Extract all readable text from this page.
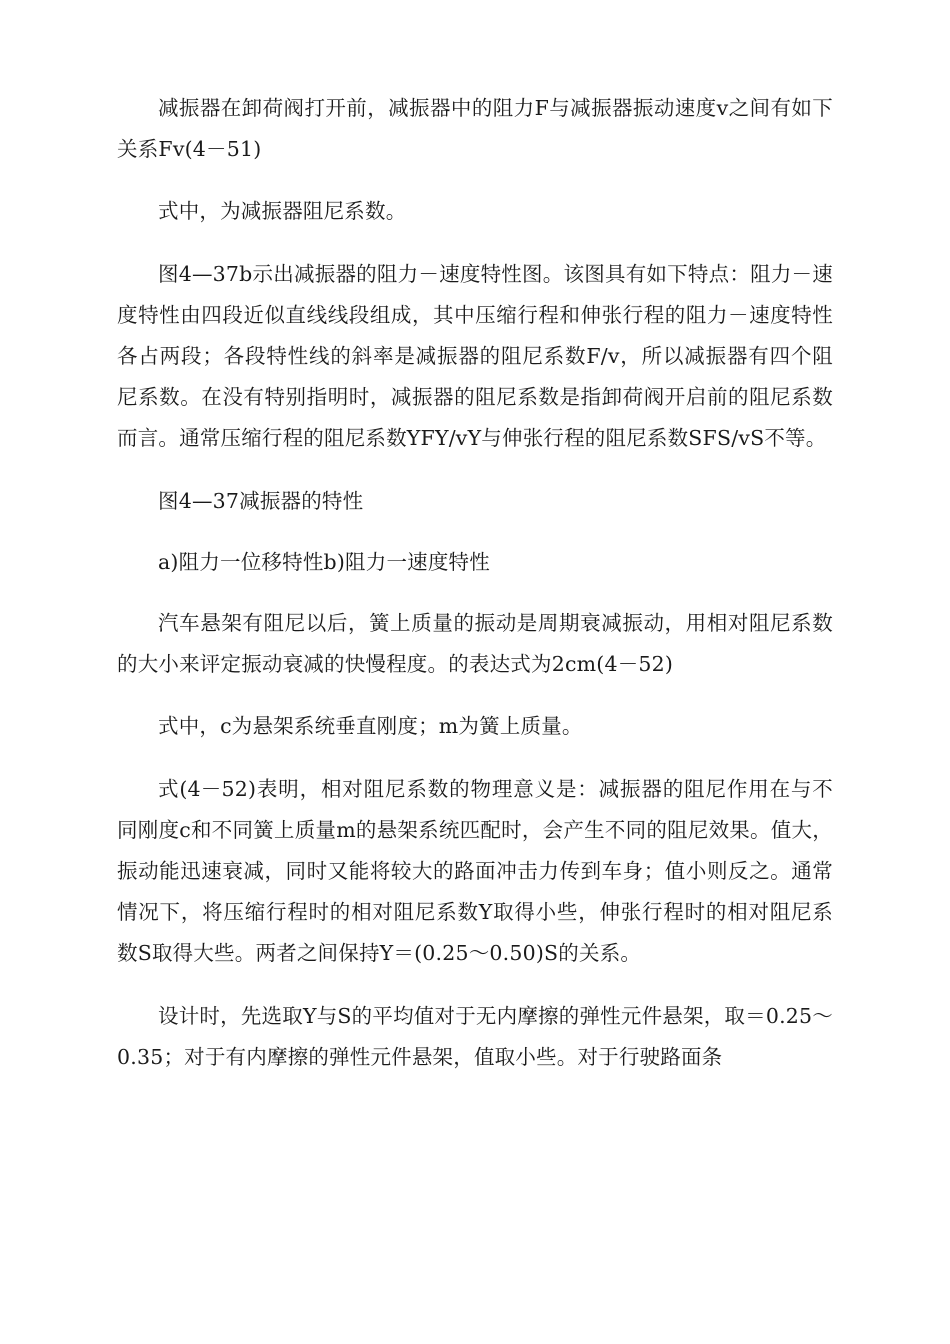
减振器在卸荷阀打开前，减振器中的阻力F与减振器振动速度v之间有如下关系Fv(4－51)

式中，为减振器阻尼系数。

图4—37b示出减振器的阻力－速度特性图。该图具有如下特点：阻力－速度特性由四段近似直线线段组成，其中压缩行程和伸张行程的阻力－速度特性各占两段；各段特性线的斜率是减振器的阻尼系数F/v，所以减振器有四个阻尼系数。在没有特别指明时，减振器的阻尼系数是指卸荷阀开启前的阻尼系数而言。通常压缩行程的阻尼系数YFY/vY与伸张行程的阻尼系数SFS/vS不等。

图4—37减振器的特性

a)阻力一位移特性b)阻力一速度特性

汽车悬架有阻尼以后，簧上质量的振动是周期衰减振动，用相对阻尼系数的大小来评定振动衰减的快慢程度。的表达式为2cm(4－52)

式中，c为悬架系统垂直刚度；m为簧上质量。

式(4－52)表明，相对阻尼系数的物理意义是：减振器的阻尼作用在与不同刚度c和不同簧上质量m的悬架系统匹配时，会产生不同的阻尼效果。值大，振动能迅速衰减，同时又能将较大的路面冲击力传到车身；值小则反之。通常情况下，将压缩行程时的相对阻尼系数Y取得小些，伸张行程时的相对阻尼系数S取得大些。两者之间保持Y＝(0.25～0.50)S的关系。

设计时，先选取Y与S的平均值对于无内摩擦的弹性元件悬架，取＝0.25～0.35；对于有内摩擦的弹性元件悬架，值取小些。对于行驶路面条
